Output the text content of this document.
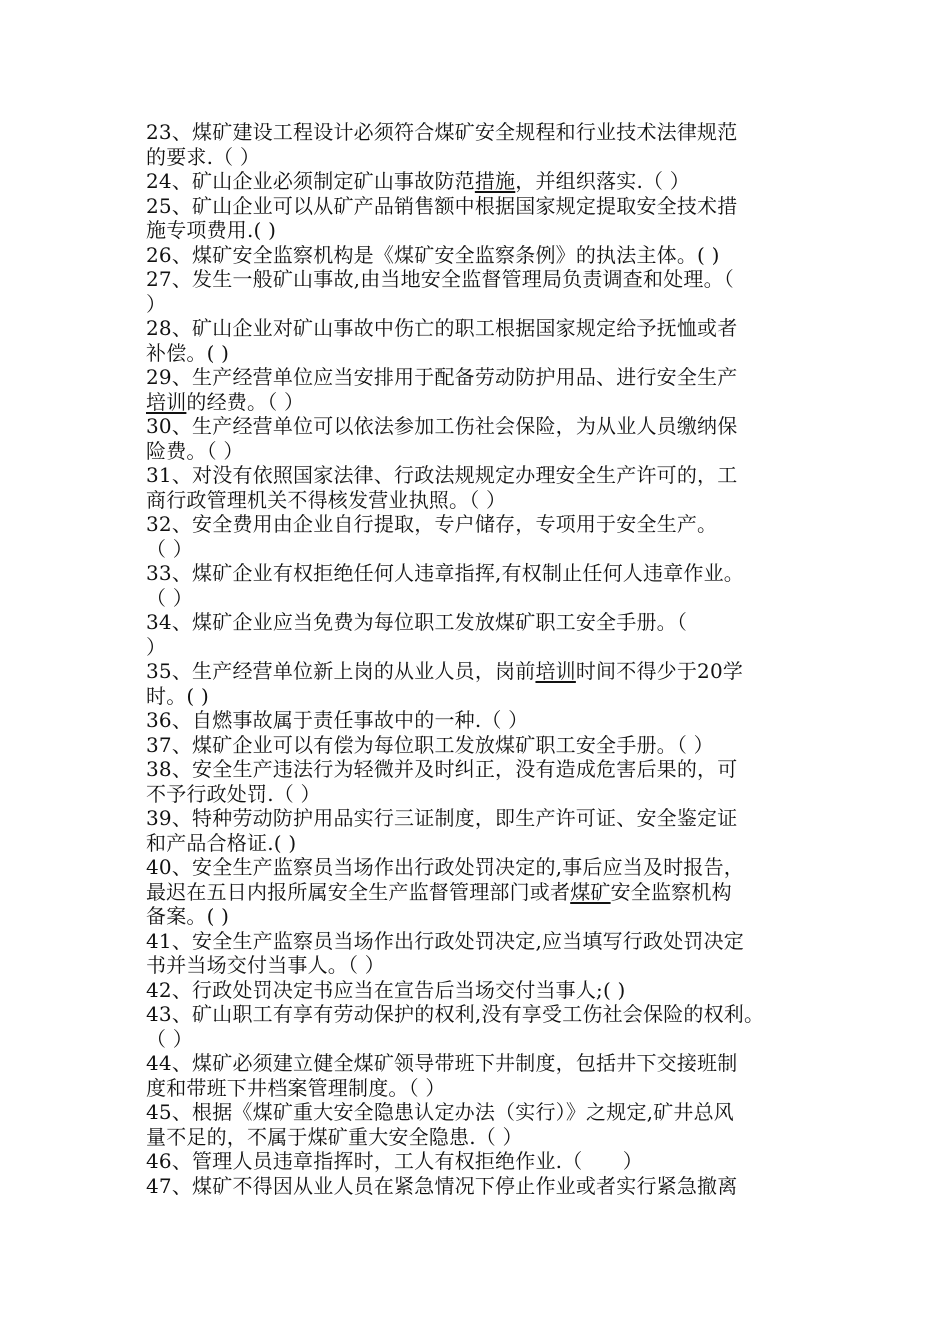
23、煤矿建设工程设计必须符合煤矿安全规程和行业技术法律规范
的要求.（ ）
24、矿山企业必须制定矿山事故防范措施，并组织落实.（ ）
25、矿山企业可以从矿产品销售额中根据国家规定提取安全技术措
施专项费用.( )
26、煤矿安全监察机构是《煤矿安全监察条例》的执法主体。( )
27、发生一般矿山事故,由当地安全监督管理局负责调查和处理。（
）
28、矿山企业对矿山事故中伤亡的职工根据国家规定给予抚恤或者
补偿。( )
29、生产经营单位应当安排用于配备劳动防护用品、进行安全生产
培训的经费。（ ）
30、生产经营单位可以依法参加工伤社会保险，为从业人员缴纳保
险费。（ ）
31、对没有依照国家法律、行政法规规定办理安全生产许可的，工
商行政管理机关不得核发营业执照。（ ）
32、安全费用由企业自行提取，专户储存，专项用于安全生产。
（ ）
33、煤矿企业有权拒绝任何人违章指挥,有权制止任何人违章作业。
（ ）
34、煤矿企业应当免费为每位职工发放煤矿职工安全手册。（
）
35、生产经营单位新上岗的从业人员，岗前培训时间不得少于20学
时。( )
36、自燃事故属于责任事故中的一种.（ ）
37、煤矿企业可以有偿为每位职工发放煤矿职工安全手册。（ ）
38、安全生产违法行为轻微并及时纠正，没有造成危害后果的，可
不予行政处罚.（ ）
39、特种劳动防护用品实行三证制度，即生产许可证、安全鉴定证
和产品合格证.( )
40、安全生产监察员当场作出行政处罚决定的,事后应当及时报告，
最迟在五日内报所属安全生产监督管理部门或者煤矿安全监察机构
备案。( )
41、安全生产监察员当场作出行政处罚决定,应当填写行政处罚决定
书并当场交付当事人。（ ）
42、行政处罚决定书应当在宣告后当场交付当事人;( )
43、矿山职工有享有劳动保护的权利,没有享受工伤社会保险的权利。
（ ）
44、煤矿必须建立健全煤矿领导带班下井制度，包括井下交接班制
度和带班下井档案管理制度。（ ）
45、根据《煤矿重大安全隐患认定办法（实行）》之规定,矿井总风
量不足的，不属于煤矿重大安全隐患.（ ）
46、管理人员违章指挥时，工人有权拒绝作业.（　　）
47、煤矿不得因从业人员在紧急情况下停止作业或者实行紧急撤离
